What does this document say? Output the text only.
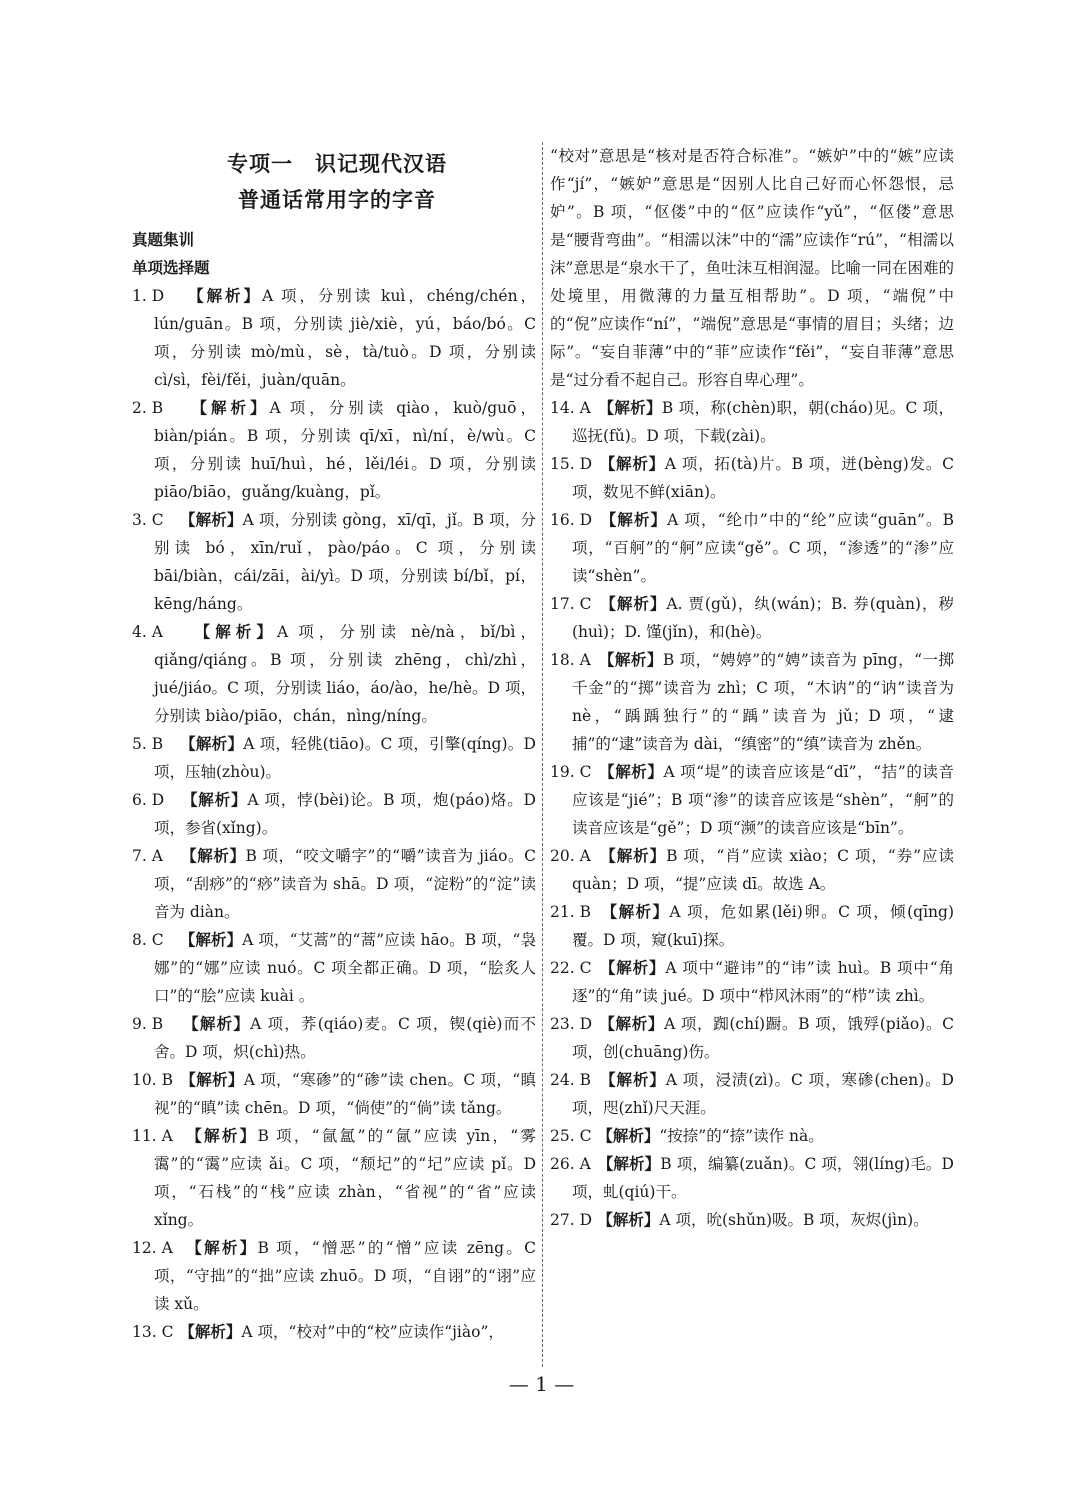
专项一　识记现代汉语
普通话常用字的字音
真题集训
单项选择题

1. D
　 【解析】A 项，分别读 kuì，chéng/chén，lún/guān。B 项，分别读 jiè/xiè，yú，báo/bó。C 项，分别读 mò/mù，sè，tà/tuò。D 项，分别读 cì/sì，fèi/fěi，juàn/quān。

2. B
　 【解析】A 项，分别读 qiào，kuò/guō，biàn/pián。B 项，分别读 qī/xī，nì/ní，è/wù。C 项，分别读 huī/huì，hé，lěi/léi。D 项，分别读 piāo/biāo，guǎng/kuàng，pǐ。

3. C
　 【解析】A 项，分别读 gòng，xī/qī，jǐ。B 项，分别读 bó，xīn/ruǐ，pào/páo。C 项，分别读 bāi/biàn，cái/zāi，ài/yì。D 项，分别读 bí/bǐ，pí，kēng/háng。

4. A
　 【解析】A 项，分别读 nè/nà，bǐ/bì，qiǎng/qiáng。B 项，分别读 zhēng，chì/zhì，jué/jiáo。C 项，分别读 liáo，áo/ào，he/hè。D 项，分别读 biào/piāo，chán，nìng/níng。

5. B
　 【解析】A 项，轻佻(tiāo)。C 项，引擎(qíng)。D 项，压轴(zhòu)。

6. D
　 【解析】A 项，悖(bèi)论。B 项，炮(páo)烙。D 项，参省(xǐng)。

7. A
　 【解析】B 项，“咬文嚼字”的“嚼”读音为 jiáo。C 项，“刮痧”的“痧”读音为 shā。D 项，“淀粉”的“淀”读音为 diàn。

8. C
　 【解析】A 项，“艾蒿”的“蒿”应读 hāo。B 项，“袅娜”的“娜”应读 nuó。C 项全都正确。D 项，“脍炙人口”的“脍”应读 kuài 。

9. B
　 【解析】A 项，荞(qiáo)麦。C 项，锲(qiè)而不舍。D 项，炽(chì)热。

10. B
　 【解析】A 项，“寒碜”的“碜”读 chen。C 项，“瞋视”的“瞋”读 chēn。D 项，“倘使”的“倘”读 tǎng。

11. A
　 【解析】B 项，“氤氲”的“氤”应读 yīn，“雾霭”的“霭”应读 ǎi。C 项，“颓圮”的“圮”应读 pǐ。D 项，“石栈”的“栈”应读 zhàn，“省视”的“省”应读 xǐng。

12. A
　 【解析】B 项，“憎恶”的“憎”应读 zēng。C 项，“守拙”的“拙”应读 zhuō。D 项，“自诩”的“诩”应读 xǔ。

13. C
　 【解析】A 项，“校对”中的“校”应读作“jiào”，

“校对”意思是“核对是否符合标准”。“嫉妒”中的“嫉”应读作“jí”，“嫉妒”意思是“因别人比自己好而心怀怨恨，忌妒”。B 项，“伛偻”中的“伛”应读作“yǔ”，“伛偻”意思是“腰背弯曲”。“相濡以沫”中的“濡”应读作“rú”，“相濡以沫”意思是“泉水干了，鱼吐沫互相润湿。比喻一同在困难的处境里，用微薄的力量互相帮助”。D 项，“端倪”中的“倪”应读作“ní”，“端倪”意思是“事情的眉目；头绪；边际”。“妄自菲薄”中的“菲”应读作“fěi”，“妄自菲薄”意思是“过分看不起自己。形容自卑心理”。

14. A
　 【解析】B 项，称(chèn)职，朝(cháo)见。C 项，巡抚(fǔ)。D 项，下载(zài)。

15. D
　 【解析】A 项，拓(tà)片。B 项，迸(bèng)发。C 项，数见不鲜(xiān)。

16. D
　 【解析】A 项，“纶巾”中的“纶”应读“guān”。B 项，“百舸”的“舸”应读“gě”。C 项，“渗透”的“渗”应读“shèn”。

17. C
　 【解析】A. 贾(gǔ)，纨(wán)；B. 券(quàn)，秽(huì)；D. 馑(jǐn)，和(hè)。

18. A
　 【解析】B 项，“娉婷”的“娉”读音为 pīng，“一掷千金”的“掷”读音为 zhì；C 项，“木讷”的“讷”读音为 nè，“踽踽独行”的“踽”读音为 jǔ；D 项，“逮捕”的“逮”读音为 dài，“缜密”的“缜”读音为 zhěn。

19. C
　 【解析】A 项“堤”的读音应该是“dī”，“拮”的读音应该是“jié”；B 项“渗”的读音应该是“shèn”，“舸”的读音应该是“gě”；D 项“濒”的读音应该是“bīn”。

20. A
　 【解析】B 项，“肖”应读 xiào；C 项，“券”应读 quàn；D 项，“提”应读 dī。故选 A。

21. B
　 【解析】A 项，危如累(lěi)卵。C 项，倾(qīng)覆。D 项，窥(kuī)探。

22. C
　 【解析】A 项中“避讳”的“讳”读 huì。B 项中“角逐”的“角”读 jué。D 项中“栉风沐雨”的“栉”读 zhì。

23. D
　 【解析】A 项，踟(chí)蹰。B 项，饿殍(piǎo)。C 项，创(chuāng)伤。

24. B
　 【解析】A 项，浸渍(zì)。C 项，寒碜(chen)。D 项，咫(zhǐ)尺天涯。

25. C
　 【解析】“按捺”的“捺”读作 nà。

26. A
　 【解析】B 项，编纂(zuǎn)。C 项，翎(líng)毛。D 项，虬(qiú)干。

27. D
　 【解析】A 项，吮(shǔn)吸。B 项，灰烬(jìn)。

— 1 —
